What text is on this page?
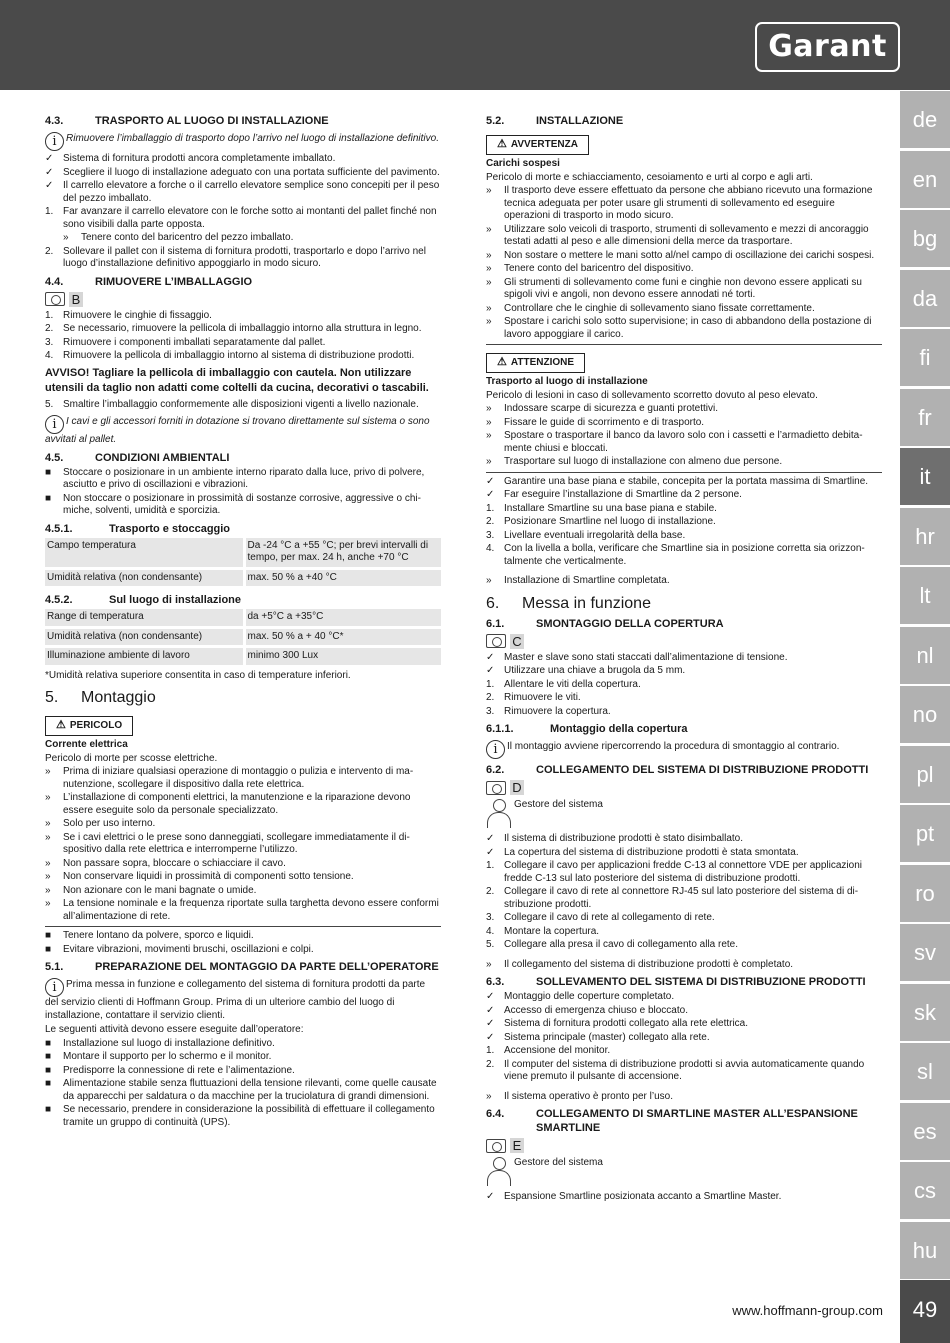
Garant
de
en
bg
da
fi
fr
it
hr
lt
nl
no
pl
pt
ro
sv
sk
sl
es
cs
hu
49
www.hoffmann-group.com
4.3.	TRASPORTO AL LUOGO DI INSTALLAZIONE
i Rimuovere l’imballaggio di trasporto dopo l’arrivo nel luogo di installazione definitivo.
✓ Sistema di fornitura prodotti ancora completamente imballato.
✓ Scegliere il luogo di installazione adeguato con una portata sufficiente del pavimento.
✓ Il carrello elevatore a forche o il carrello elevatore semplice sono concepiti per il peso del pezzo imballato.
1. Far avanzare il carrello elevatore con le forche sotto ai montanti del pallet finché non sono visibili dalla parte opposta.
»	Tenere conto del baricentro del pezzo imballato.
2. Sollevare il pallet con il sistema di fornitura prodotti, trasportarlo e dopo l’arrivo nel luogo d’installazione definitivo appoggiarlo in modo sicuro.
4.4.	RIMUOVERE L’IMBALLAGGIO
B
1. Rimuovere le cinghie di fissaggio.
2. Se necessario, rimuovere la pellicola di imballaggio intorno alla struttura in legno.
3. Rimuovere i componenti imballati separatamente dal pallet.
4. Rimuovere la pellicola di imballaggio intorno al sistema di distribuzione prodotti.
AVVISO! Tagliare la pellicola di imballaggio con cautela. Non utilizzare utensili da taglio non adatti come coltelli da cucina, decorativi o tascabili.
5. Smaltire l’imballaggio conformemente alle disposizioni vigenti a livello nazionale.
i I cavi e gli accessori forniti in dotazione si trovano direttamente sul sistema o sono avvitati al pallet.
4.5.	CONDIZIONI AMBIENTALI
■	Stoccare o posizionare in un ambiente interno riparato dalla luce, privo di polvere, asciutto e privo di oscillazioni e vibrazioni.
■	Non stoccare o posizionare in prossimità di sostanze corrosive, aggressive o chimiche, solventi, umidità e sporcizia.
4.5.1.	Trasporto e stoccaggio
Campo temperatura	Da -24 °C a +55 °C; per brevi intervalli di tempo, per max. 24 h, anche +70 °C
Umidità relativa (non condensante)	max. 50 % a +40 °C
4.5.2.	Sul luogo di installazione
Range di temperatura	da +5°C a +35°C
Umidità relativa (non condensante)	max. 50 % a + 40 °C*
Illuminazione ambiente di lavoro	minimo 300 Lux
*Umidità relativa superiore consentita in caso di temperature inferiori.
5.	Montaggio
⚠ PERICOLO
Corrente elettrica
Pericolo di morte per scosse elettriche.
»	Prima di iniziare qualsiasi operazione di montaggio o pulizia e intervento di manutenzione, scollegare il dispositivo dalla rete elettrica.
»	L’installazione di componenti elettrici, la manutenzione e la riparazione devono essere eseguite solo da personale specializzato.
»	Solo per uso interno.
»	Se i cavi elettrici o le prese sono danneggiati, scollegare immediatamente il dispositivo dalla rete elettrica e interromperne l’utilizzo.
»	Non passare sopra, bloccare o schiacciare il cavo.
»	Non conservare liquidi in prossimità di componenti sotto tensione.
»	Non azionare con le mani bagnate o umide.
»	La tensione nominale e la frequenza riportate sulla targhetta devono essere conformi all’alimentazione di rete.
■	Tenere lontano da polvere, sporco e liquidi.
■	Evitare vibrazioni, movimenti bruschi, oscillazioni e colpi.
5.1.	PREPARAZIONE DEL MONTAGGIO DA PARTE DELL’OPERATORE
i Prima messa in funzione e collegamento del sistema di fornitura prodotti da parte del servizio clienti di Hoffmann Group. Prima di un ulteriore cambio del luogo di installazione, contattare il servizio clienti.
Le seguenti attività devono essere eseguite dall’operatore:
■	Installazione sul luogo di installazione definitivo.
■	Montare il supporto per lo schermo e il monitor.
■	Predisporre la connessione di rete e l’alimentazione.
■	Alimentazione stabile senza fluttuazioni della tensione rilevanti, come quelle causate da apparecchi per saldatura o da macchine per la truciolatura di grandi dimensioni.
■	Se necessario, prendere in considerazione la possibilità di effettuare il collegamento tramite un gruppo di continuità (UPS).
5.2.	INSTALLAZIONE
⚠ AVVERTENZA
Carichi sospesi
Pericolo di morte e schiacciamento, cesoiamento e urti al corpo e agli arti.
»	Il trasporto deve essere effettuato da persone che abbiano ricevuto una formazione tecnica adeguata per poter usare gli strumenti di sollevamento ed eseguire operazioni di trasporto in modo sicuro.
»	Utilizzare solo veicoli di trasporto, strumenti di sollevamento e mezzi di ancoraggio testati adatti al peso e alle dimensioni della merce da trasportare.
»	Non sostare o mettere le mani sotto al/nel campo di oscillazione dei carichi sospesi.
»	Tenere conto del baricentro del dispositivo.
»	Gli strumenti di sollevamento come funi e cinghie non devono essere applicati su spigoli vivi e angoli, non devono essere annodati né torti.
»	Controllare che le cinghie di sollevamento siano fissate correttamente.
»	Spostare i carichi solo sotto supervisione; in caso di abbandono della postazione di lavoro appoggiare il carico.
⚠ ATTENZIONE
Trasporto al luogo di installazione
Pericolo di lesioni in caso di sollevamento scorretto dovuto al peso elevato.
»	Indossare scarpe di sicurezza e guanti protettivi.
»	Fissare le guide di scorrimento e di trasporto.
»	Spostare o trasportare il banco da lavoro solo con i cassetti e l’armadietto debitamente chiusi e bloccati.
»	Trasportare sul luogo di installazione con almeno due persone.
✓ Garantire una base piana e stabile, concepita per la portata massima di Smartline.
✓ Far eseguire l’installazione di Smartline da 2 persone.
1. Installare Smartline su una base piana e stabile.
2. Posizionare Smartline nel luogo di installazione.
3. Livellare eventuali irregolarità della base.
4. Con la livella a bolla, verificare che Smartline sia in posizione corretta sia orizzontalmente che verticalmente.
»	Installazione di Smartline completata.
6.	Messa in funzione
6.1.	SMONTAGGIO DELLA COPERTURA
C
✓ Master e slave sono stati staccati dall’alimentazione di tensione.
✓ Utilizzare una chiave a brugola da 5 mm.
1. Allentare le viti della copertura.
2. Rimuovere le viti.
3. Rimuovere la copertura.
6.1.1.	Montaggio della copertura
i Il montaggio avviene ripercorrendo la procedura di smontaggio al contrario.
6.2.	COLLEGAMENTO DEL SISTEMA DI DISTRIBUZIONE PRODOTTI
D
Gestore del sistema
✓ Il sistema di distribuzione prodotti è stato disimballato.
✓ La copertura del sistema di distribuzione prodotti è stata smontata.
1. Collegare il cavo per applicazioni fredde C-13 al connettore VDE per applicazioni fredde C-13 sul lato posteriore del sistema di distribuzione prodotti.
2. Collegare il cavo di rete al connettore RJ-45 sul lato posteriore del sistema di distribuzione prodotti.
3. Collegare il cavo di rete al collegamento di rete.
4. Montare la copertura.
5. Collegare alla presa il cavo di collegamento alla rete.
»	Il collegamento del sistema di distribuzione prodotti è completato.
6.3.	SOLLEVAMENTO DEL SISTEMA DI DISTRIBUZIONE PRODOTTI
✓ Montaggio delle coperture completato.
✓ Accesso di emergenza chiuso e bloccato.
✓ Sistema di fornitura prodotti collegato alla rete elettrica.
✓ Sistema principale (master) collegato alla rete.
1. Accensione del monitor.
2. Il computer del sistema di distribuzione prodotti si avvia automaticamente quando viene premuto il pulsante di accensione.
»	Il sistema operativo è pronto per l’uso.
6.4.	COLLEGAMENTO DI SMARTLINE MASTER ALL’ESPANSIONE SMARTLINE
E
Gestore del sistema
✓ Espansione Smartline posizionata accanto a Smartline Master.
